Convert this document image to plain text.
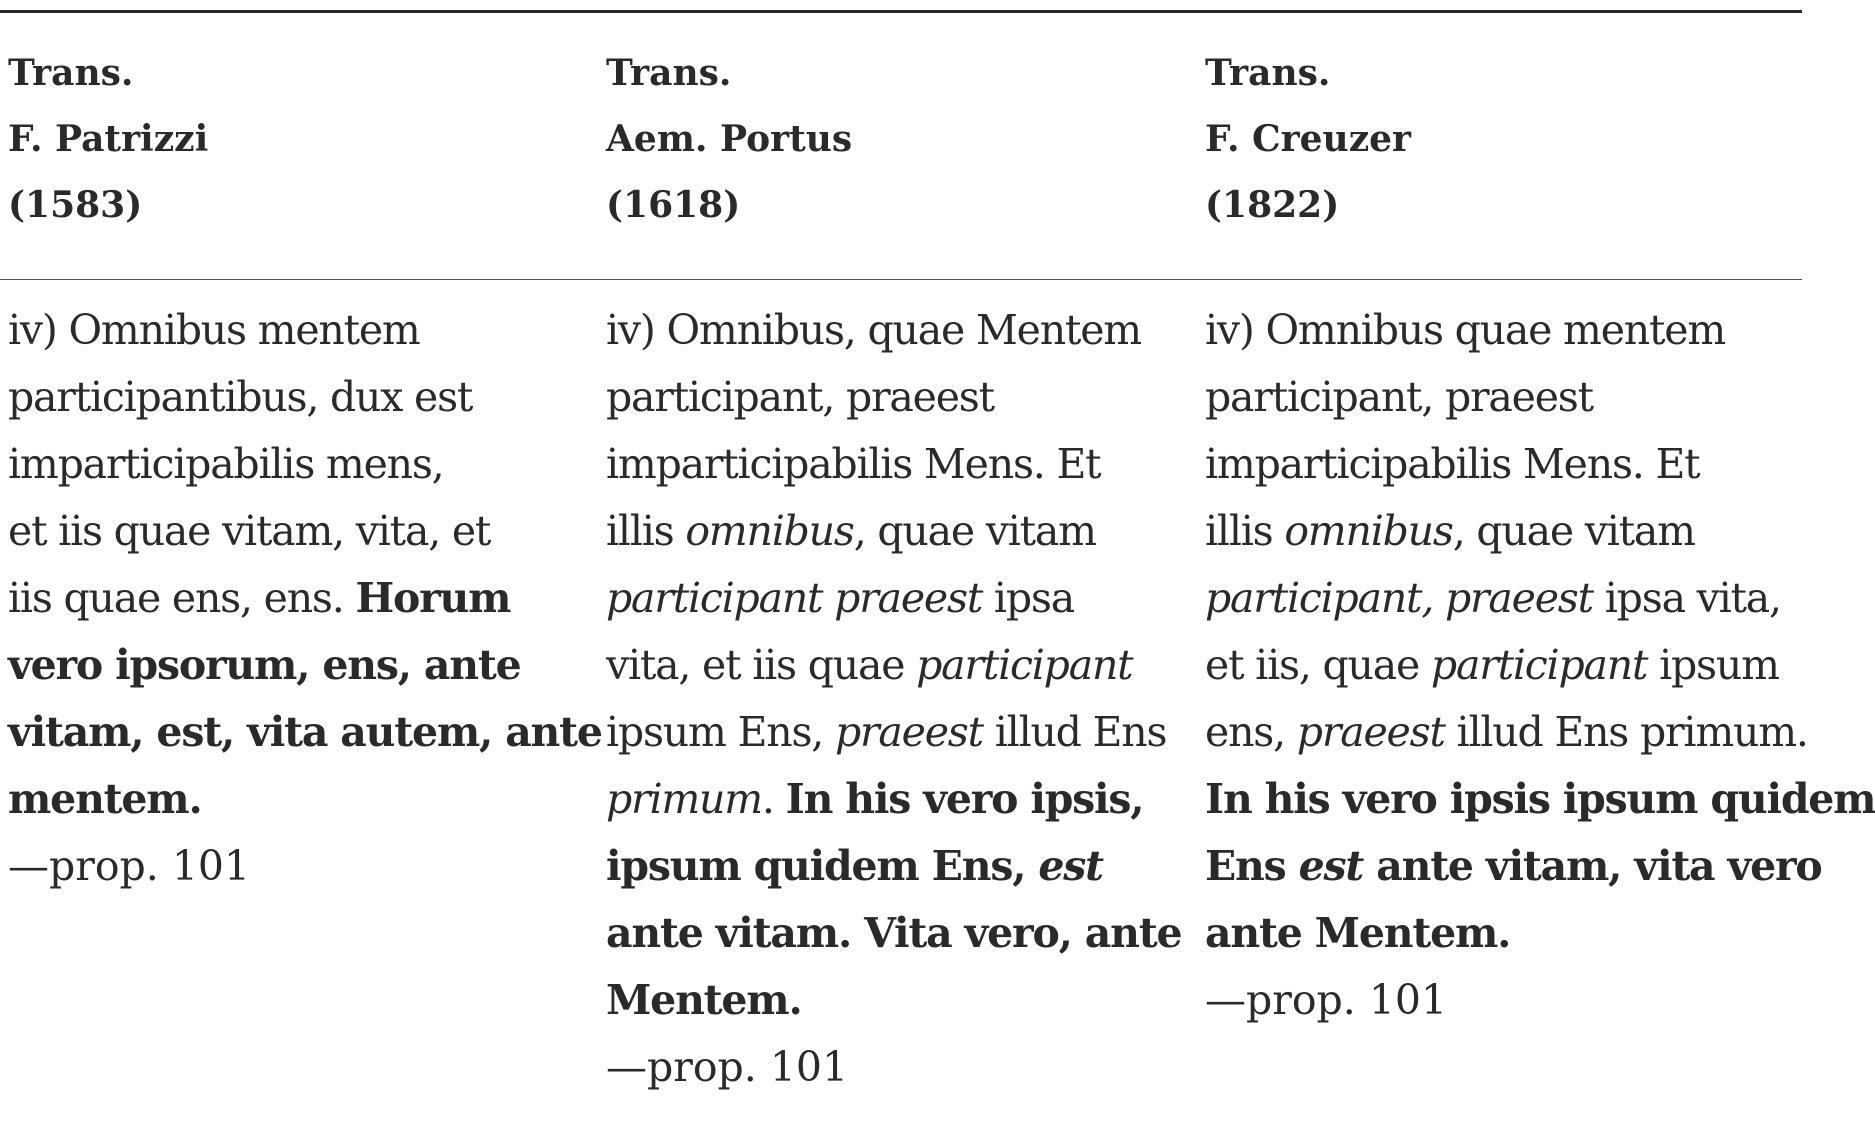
Trans.
F. Patrizzi
(1583)
iv) Omnibus mentem
participantibus, dux est
imparticipabilis mens,
et iis quae vitam, vita, et
iis quae ens, ens. Horum
vero ipsorum, ens, ante
vitam, est, vita autem, ante
mentem.
—prop. 101
Trans.
Aem. Portus
(1618)
iv) Omnibus, quae Mentem
participant, praeest
imparticipabilis Mens. Et
illis omnibus, quae vitam
participant praeest ipsa
vita, et iis quae participant
ipsum Ens, praeest illud Ens
primum. In his vero ipsis,
ipsum quidem Ens, est
ante vitam. Vita vero, ante
Mentem.
—prop. 101
Trans.
F. Creuzer
(1822)
iv) Omnibus quae mentem
participant, praeest
imparticipabilis Mens. Et
illis omnibus, quae vitam
participant, praeest ipsa vita,
et iis, quae participant ipsum
ens, praeest illud Ens primum.
In his vero ipsis ipsum quidem
Ens est ante vitam, vita vero
ante Mentem.
—prop. 101
